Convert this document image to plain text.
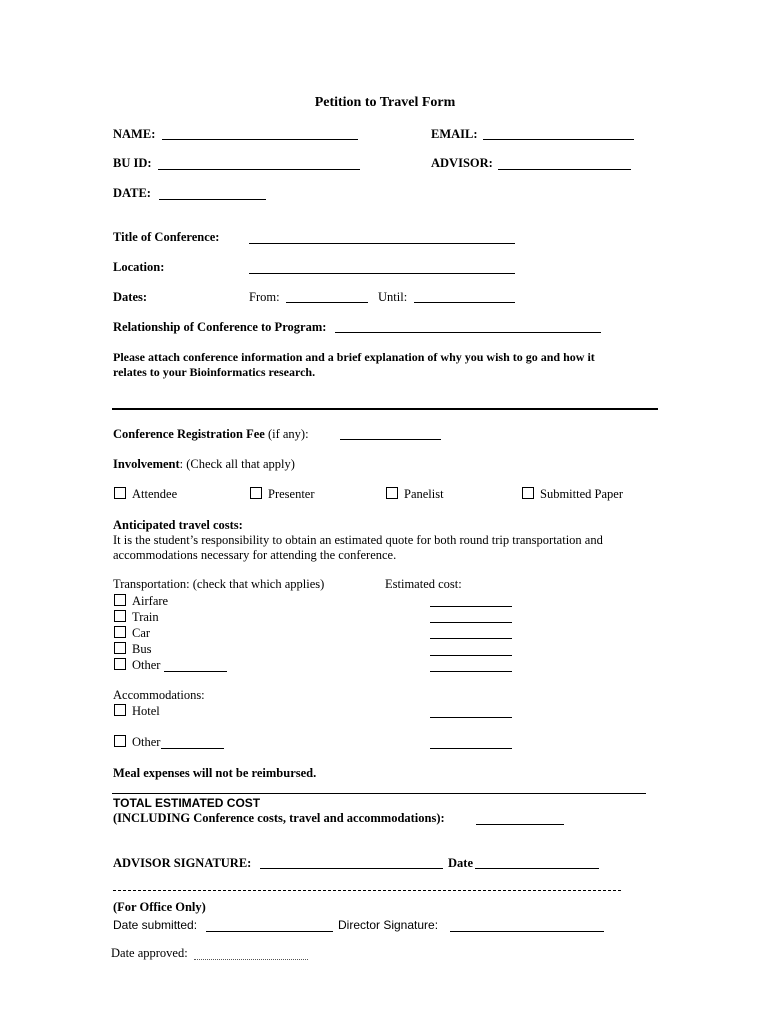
Petition to Travel Form
NAME:	EMAIL:
BU ID:	ADVISOR:
DATE:
Title of Conference:
Location:
Dates:	From:	Until:
Relationship of Conference to Program:
Please attach conference information and a brief explanation of why you wish to go and how it
relates to your Bioinformatics research.
Conference Registration Fee (if any):
Involvement: (Check all that apply)
Attendee	Presenter	Panelist	Submitted Paper
Anticipated travel costs:
It is the student’s responsibility to obtain an estimated quote for both round trip transportation and
accommodations necessary for attending the conference.
Transportation: (check that which applies)	Estimated cost:
Airfare
Train
Car
Bus
Other
Accommodations:
Hotel
Other
Meal expenses will not be reimbursed.
TOTAL ESTIMATED COST
(INCLUDING Conference costs, travel and accommodations):
ADVISOR SIGNATURE:	Date
(For Office Only)
Date submitted:	Director Signature:
Date approved:
